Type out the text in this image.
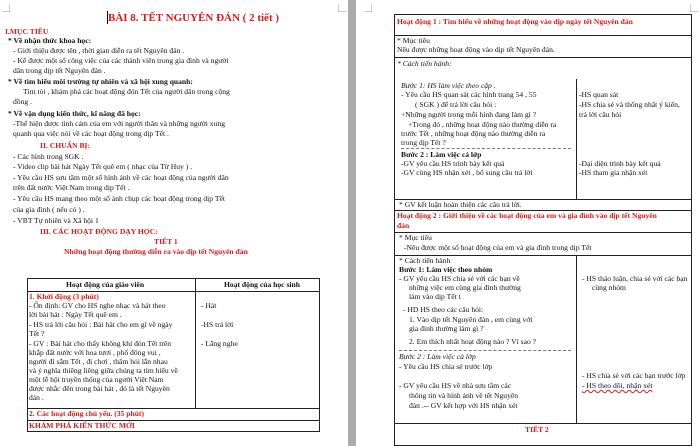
BÀI 8. TẾT NGUYÊN ĐÁN ( 2 tiết )
I.MỤC TIÊU
* Về nhận thức khoa học:
- Giới thiệu được tên , thời gian diễn ra tết Nguyên đán .
- Kể được một số công việc của các thành viên trong gia đình và người
dân trong dịp tết Nguyên đán .
* Về tìm hiểu môi trường tự nhiên và xã hội xung quanh:
Tìm tòi , khám phá các hoạt động đón Tết của người dân trong cộng
đồng .
* Về vận dụng kiến thức, kĩ năng đã học:
-Thể hiện được tình cảm của em với người thân và những người xung
quanh qua việc nói về các hoạt động trong dịp Tết .
II. CHUẨN BỊ:
- Các hình trong SGK .
- Video clip bài hát Ngày Tết quê em ( nhạc của Từ Huy ) .
- Yêu cầu HS sưu tầm một số hình ảnh về các hoạt động của người dân
trên đất nước Việt Nam trong dịp Tết .
- Yêu cầu HS mang theo một số ảnh chụp các hoạt động trong dịp Tết
của gia đình ( nếu có ) .
- VBT Tự nhiên và Xã hội 1
III. CÁC HOẠT ĐỘNG DẠY HỌC:
TIẾT 1
Những hoạt động thường diễn ra vào dịp tết Nguyên đán
Hoạt động của giáo viên	Hoạt động của học sinh
1. Khởi động (3 phút)
- Ổn định: GV cho HS nghe nhạc và hát theo
lời bài hát : Ngày Tết quê em .
- HS trả lời câu hỏi : Bài hát cho em gì về ngày
Tết ?
- GV : Bài hát cho thấy không khí đón Tết trên
khắp đất nước với hoa tươi , phố đông vui ,
người đi sắm Tết , đi chơi , thăm hỏi lẫn nhau
và ý nghĩa thiêng liêng giữa chúng ta tìm hiểu về
một lễ hội truyền thống của người Việt Nam
được nhắc đến trong bài hát , đó là tết Nguyên
đán .
- Hát
-HS trả lời
- Lắng nghe
2. Các hoạt động chủ yếu. (35 phút)
KHÁM PHÁ KIẾN THỨC MỚI
Hoạt động 1 : Tìm hiểu về những hoạt động vào dịp ngày tết Nguyên đán
* Mục tiêu
Nêu được những hoạt động vào dịp tết Nguyên đán.
* Cách tiến hành:
Bước 1: HS làm việc theo cặp .
- Yêu cầu HS quan sát các hình trang 54 , 55
( SGK ) để trả lời câu hỏi :
+Những người trong mỗi hình đang làm gì ?
+Trong đó , những hoạt động nào thường diễn ra
trước Tết , những hoạt động nào thường diễn ra
trong dịp Tết ?
Bước 2 : Làm việc cả lớp
-GV yêu cầu HS trình bày kết quả
-GV cùng HS nhận xét , bổ sung câu trả lời
-HS quan sát
-HS chia sẻ và thống nhất ý kiến,
trả lời câu hỏi
-Đại diện trình bày kết quả
-HS tham gia nhận xét
* GV kết luận hoàn thiện các câu trả lời.
Hoạt động 2 : Giới thiệu về các hoạt động của em và gia đình vào dịp tết Nguyên
đán
* Mục tiêu
-Nêu được một số hoạt động của em và gia đình trong dịp Tết
* Cách tiến hành
Bước 1: Làm việc theo nhóm
- GV yêu cầu HS chia sẻ với các bạn về
những việc em cùng gia đình thường
làm vào dịp Tết t
- HD HS theo các câu hỏi:
1. Vào dịp tết Nguyên đán , em cùng với
gia đình thường làm gì ?
2. Em thích nhất hoạt động nào ? Vì sao ?
Bước 2 : Làm việc cả lớp
- Yêu cầu HS chia sẻ trước lớp
- GV yêu cầu HS về nhà sưu tầm các
thông tin và hình ảnh về tết Nguyên
đán .-- GV kết hợp với HS nhận xét
- HS thảo luận, chia sẻ với các bạn
cùng nhóm
- HS chia sẻ với các bạn trước lớp
- HS theo dõi, nhận xét
TIẾT 2
